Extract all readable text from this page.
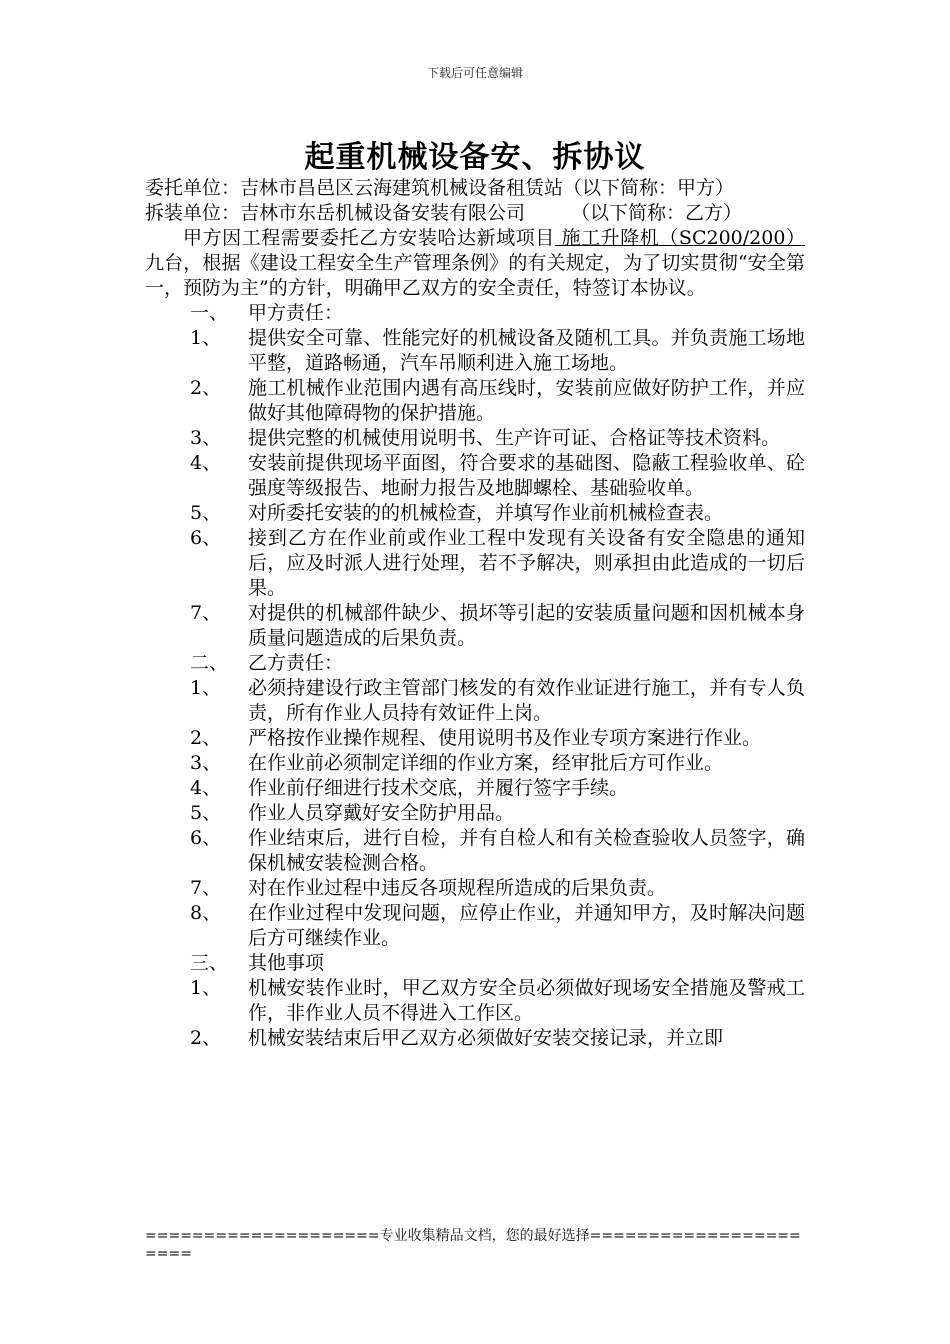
下载后可任意编辑
起重机械设备安、拆协议
委托单位：吉林市昌邑区云海建筑机械设备租赁站（以下简称：甲方）
拆装单位：吉林市东岳机械设备安装有限公司 （以下简称：乙方）
甲方因工程需要委托乙方安装哈达新域项目 施工升降机（SC200/200） 九台，根据《建设工程安全生产管理条例》的有关规定，为了切实贯彻“安全第一，预防为主”的方针，明确甲乙双方的安全责任，特签订本协议。
一、 甲方责任：
1、	提供安全可靠、性能完好的机械设备及随机工具。并负责施工场地平整，道路畅通，汽车吊顺利进入施工场地。
2、	施工机械作业范围内遇有高压线时，安装前应做好防护工作，并应做好其他障碍物的保护措施。
3、	提供完整的机械使用说明书、生产许可证、合格证等技术资料。
4、	安装前提供现场平面图，符合要求的基础图、隐蔽工程验收单、砼强度等级报告、地耐力报告及地脚螺栓、基础验收单。
5、	对所委托安装的的机械检查，并填写作业前机械检查表。
6、	接到乙方在作业前或作业工程中发现有关设备有安全隐患的通知后，应及时派人进行处理，若不予解决，则承担由此造成的一切后果。
7、	对提供的机械部件缺少、损坏等引起的安装质量问题和因机械本身质量问题造成的后果负责。
二、 乙方责任：
1、	必须持建设行政主管部门核发的有效作业证进行施工，并有专人负责，所有作业人员持有效证件上岗。
2、	严格按作业操作规程、使用说明书及作业专项方案进行作业。
3、	在作业前必须制定详细的作业方案，经审批后方可作业。
4、	作业前仔细进行技术交底，并履行签字手续。
5、	作业人员穿戴好安全防护用品。
6、	作业结束后，进行自检，并有自检人和有关检查验收人员签字，确保机械安装检测合格。
7、	对在作业过程中违反各项规程所造成的后果负责。
8、	在作业过程中发现问题，应停止作业，并通知甲方，及时解决问题后方可继续作业。
三、 其他事项
1、	机械安装作业时，甲乙双方安全员必须做好现场安全措施及警戒工作，非作业人员不得进入工作区。
2、	机械安装结束后甲乙双方必须做好安装交接记录，并立即
====================专业收集精品文档，您的最好选择======================
